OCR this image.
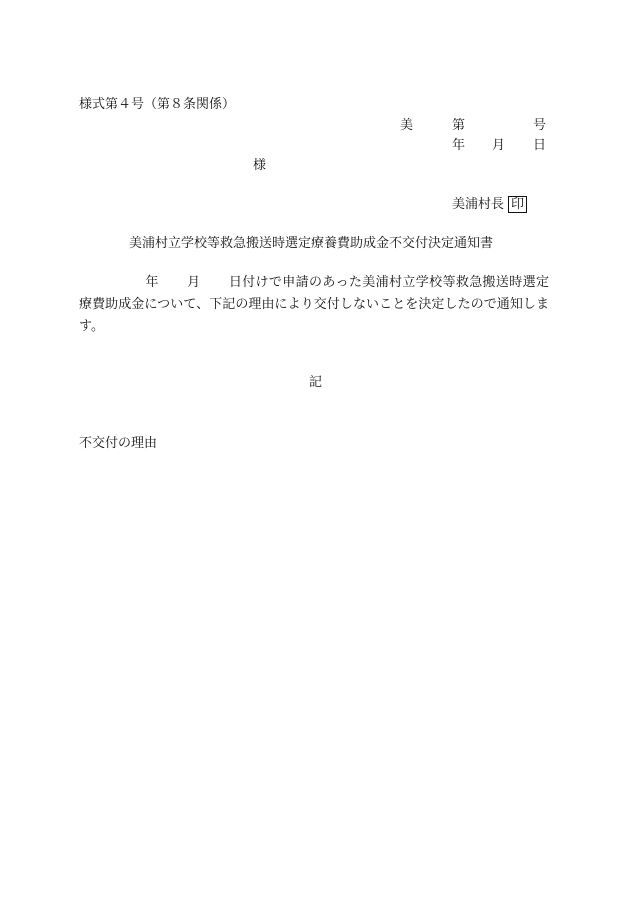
様式第４号（第８条関係）
美	第	号
年 月 日
様
美浦村長 印
美浦村立学校等救急搬送時選定療養費助成金不交付決定通知書
年 月 日付けで申請のあった美浦村立学校等救急搬送時選定療費助成金について、下記の理由により交付しないことを決定したので通知します。
記
不交付の理由
